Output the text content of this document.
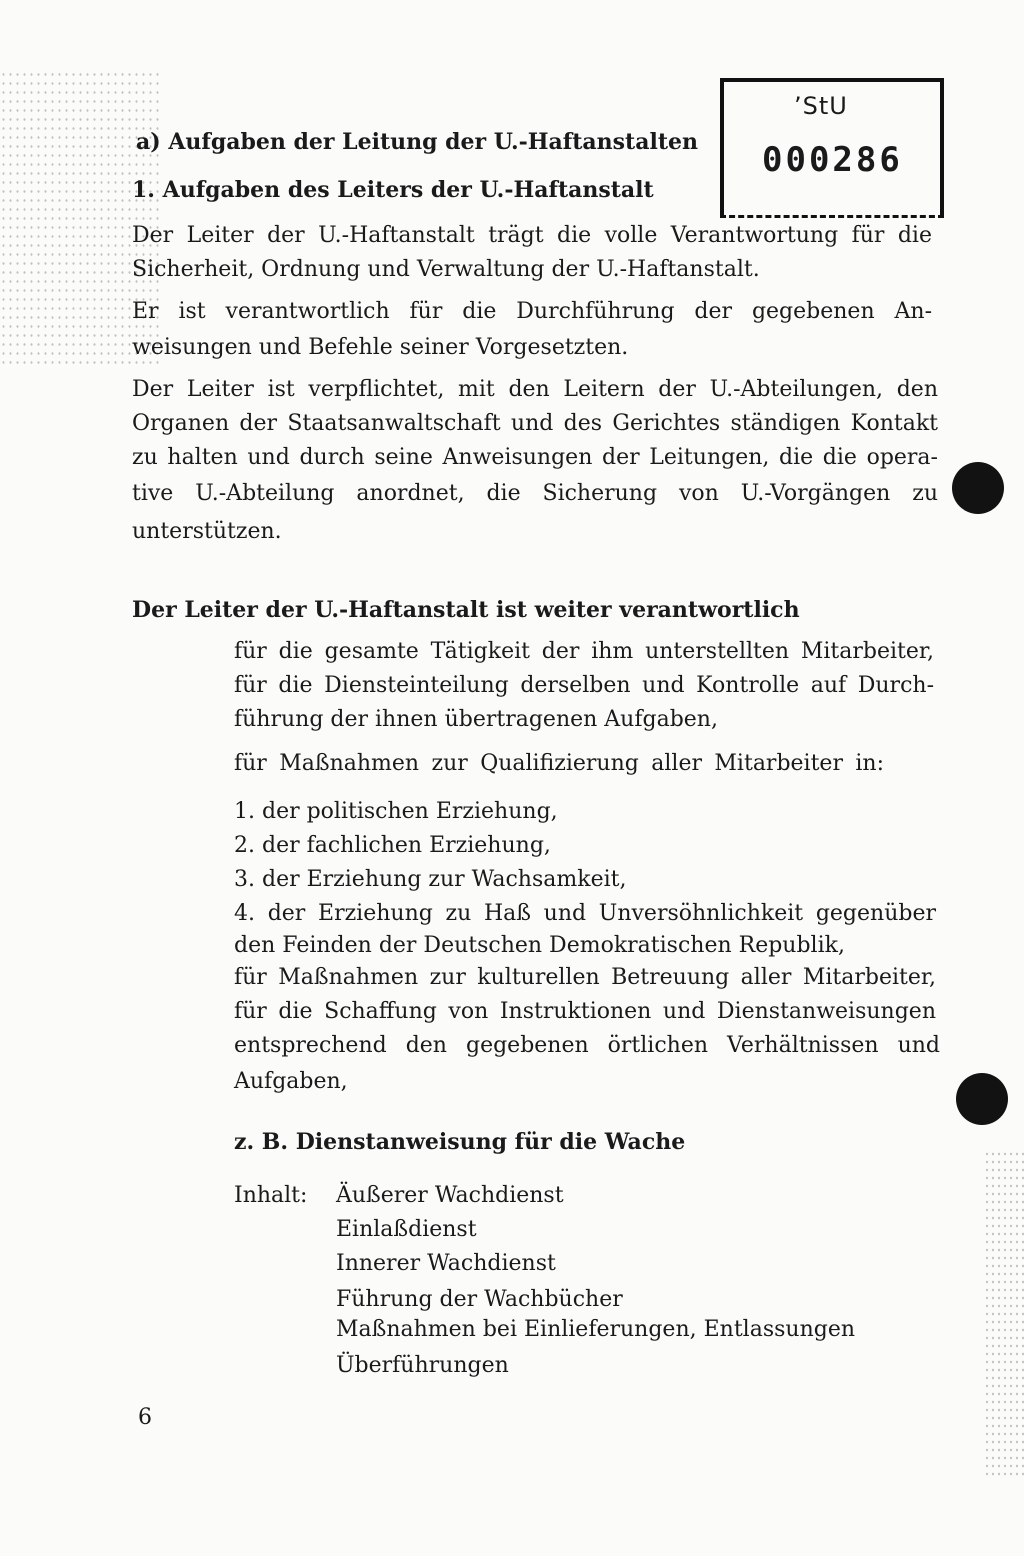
’StU
000286
a) Aufgaben der Leitung der U.-Haftanstalten
1. Aufgaben des Leiters der U.-Haftanstalt
Der Leiter der U.-Haftanstalt trägt die volle Verantwortung für die
Sicherheit, Ordnung und Verwaltung der U.-Haftanstalt.
Er ist verantwortlich für die Durchführung der gegebenen An-
weisungen und Befehle seiner Vorgesetzten.
Der Leiter ist verpflichtet, mit den Leitern der U.-Abteilungen, den
Organen der Staatsanwaltschaft und des Gerichtes ständigen Kontakt
zu halten und durch seine Anweisungen der Leitungen, die die opera-
tive U.-Abteilung anordnet, die Sicherung von U.-Vorgängen zu
unterstützen.
Der Leiter der U.-Haftanstalt ist weiter verantwortlich
für die gesamte Tätigkeit der ihm unterstellten Mitarbeiter,
für die Diensteinteilung derselben und Kontrolle auf Durch-
führung der ihnen übertragenen Aufgaben,
für Maßnahmen zur Qualifizierung aller Mitarbeiter in:
1. der politischen Erziehung,
2. der fachlichen Erziehung,
3. der Erziehung zur Wachsamkeit,
4. der Erziehung zu Haß und Unversöhnlichkeit gegenüber
den Feinden der Deutschen Demokratischen Republik,
für Maßnahmen zur kulturellen Betreuung aller Mitarbeiter,
für die Schaffung von Instruktionen und Dienstanweisungen
entsprechend den gegebenen örtlichen Verhältnissen und
Aufgaben,
z. B. Dienstanweisung für die Wache
Inhalt: Äußerer Wachdienst
Einlaßdienst
Innerer Wachdienst
Führung der Wachbücher
Maßnahmen bei Einlieferungen, Entlassungen
Überführungen
6
